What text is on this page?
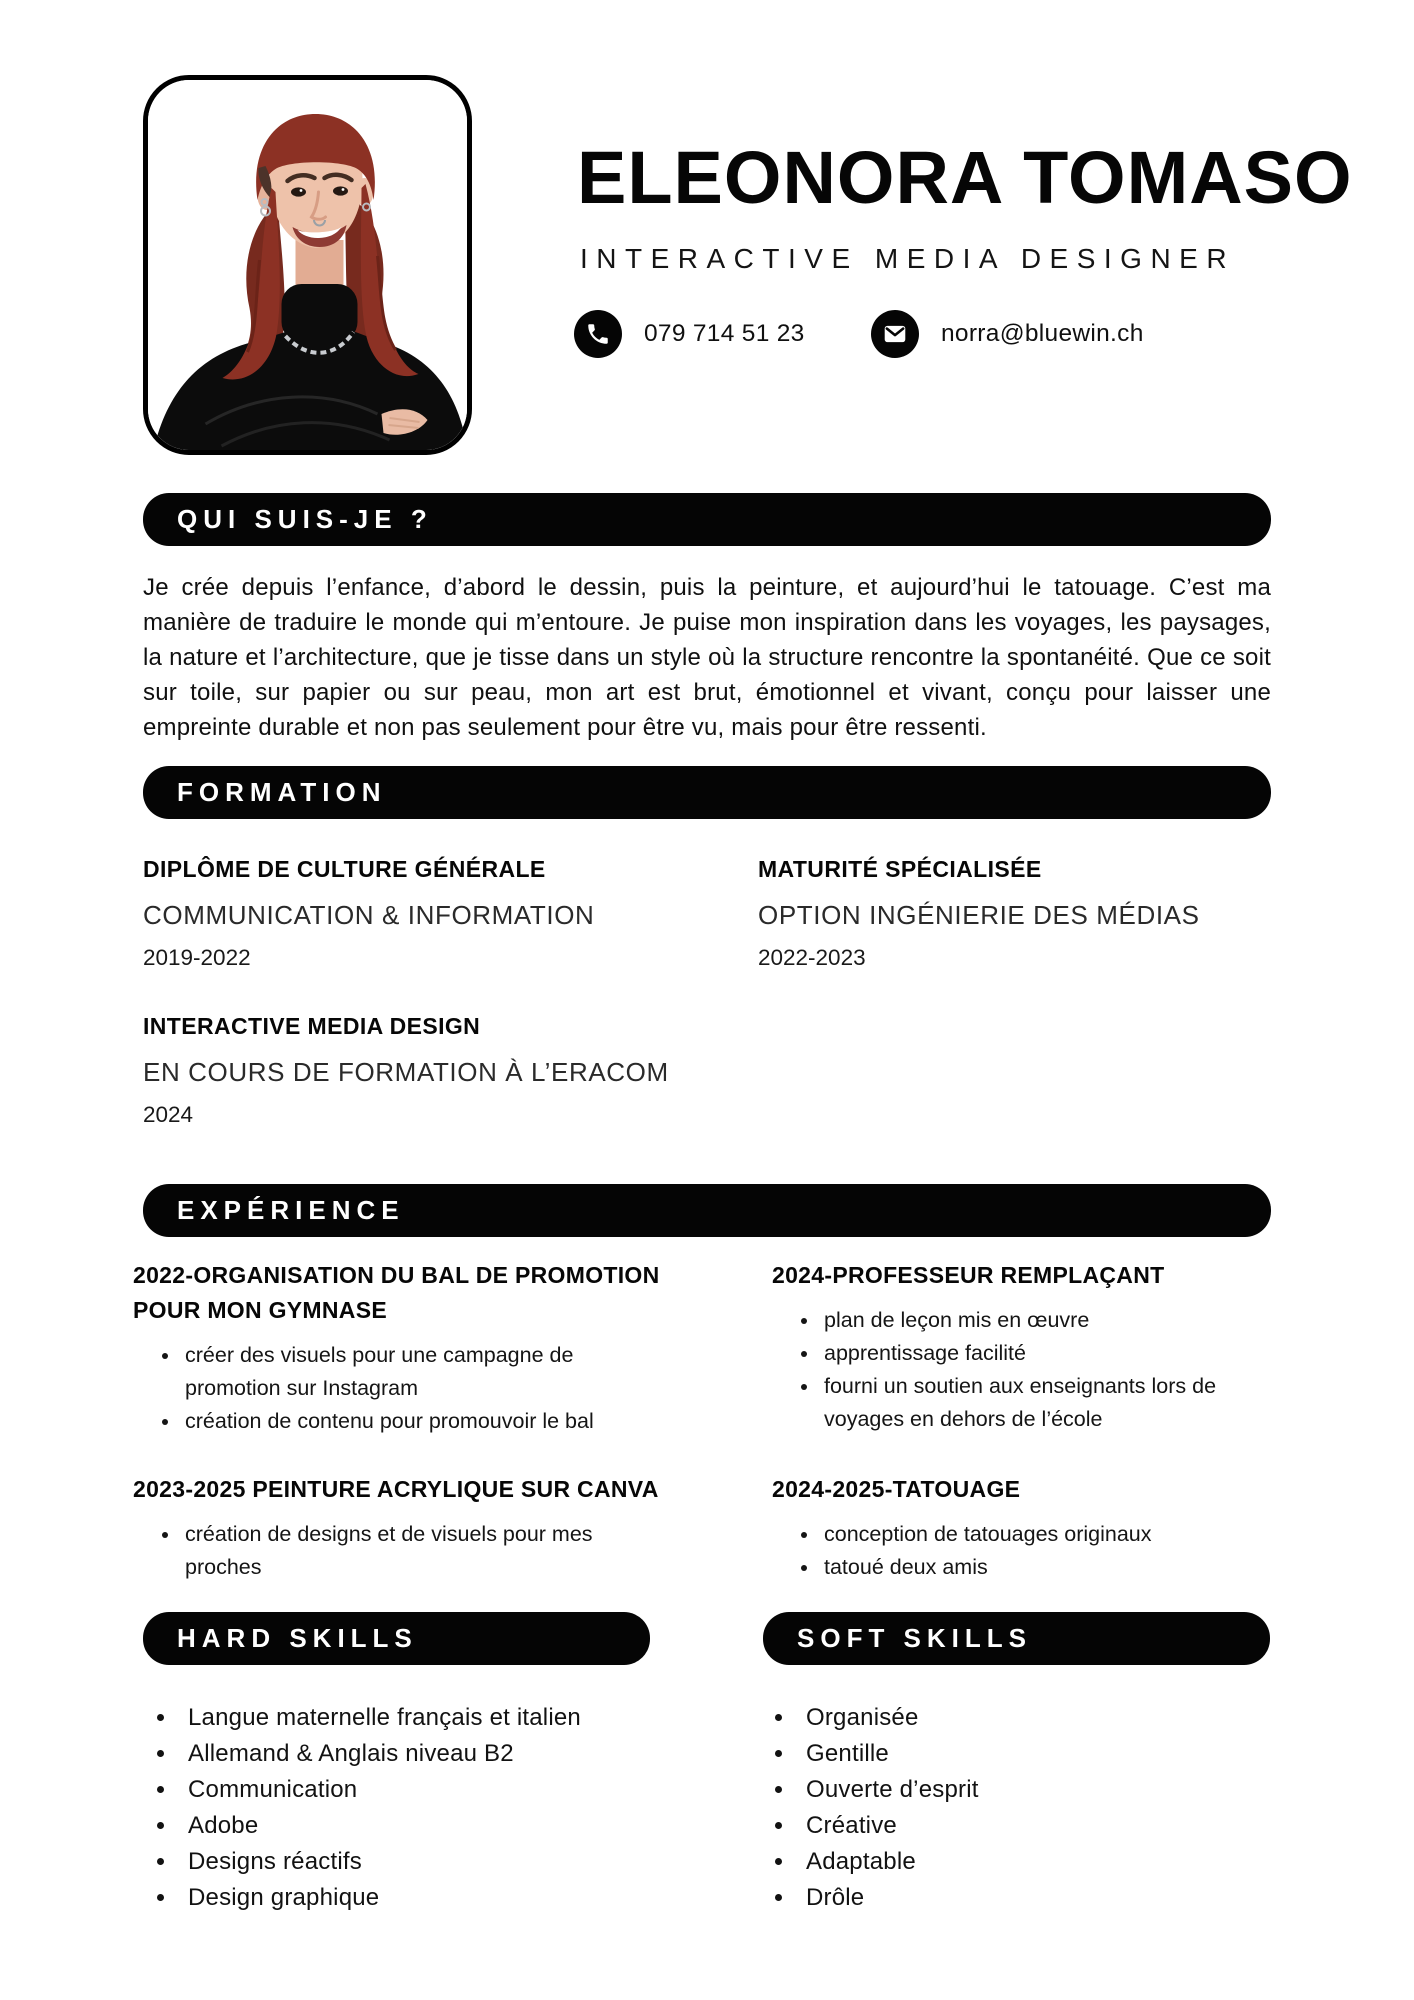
ELEONORA TOMASO
INTERACTIVE MEDIA DESIGNER
079 714 51 23	norra@bluewin.ch
QUI SUIS-JE ?

Je crée depuis l’enfance, d’abord le dessin, puis la peinture, et aujourd’hui le tatouage. C’est ma manière de traduire le monde qui m’entoure. Je puise mon inspiration dans les voyages, les paysages, la nature et l’architecture, que je tisse dans un style où la structure rencontre la spontanéité. Que ce soit sur toile, sur papier ou sur peau, mon art est brut, émotionnel et vivant, conçu pour laisser une empreinte durable et non pas seulement pour être vu, mais pour être ressenti.

FORMATION
DIPLÔME DE CULTURE GÉNÉRALE
COMMUNICATION & INFORMATION
2019-2022
MATURITÉ SPÉCIALISÉE
OPTION INGÉNIERIE DES MÉDIAS
2022-2023
INTERACTIVE MEDIA DESIGN
EN COURS DE FORMATION À L’ERACOM
2024
EXPÉRIENCE
2022-ORGANISATION DU BAL DE PROMOTION POUR MON GYMNASE
• créer des visuels pour une campagne de promotion sur Instagram
• création de contenu pour promouvoir le bal
2024-PROFESSEUR REMPLAÇANT
• plan de leçon mis en œuvre
• apprentissage facilité
• fourni un soutien aux enseignants lors de voyages en dehors de l’école
2023-2025 PEINTURE ACRYLIQUE SUR CANVA
• création de designs et de visuels pour mes proches
2024-2025-TATOUAGE
• conception de tatouages originaux
• tatoué deux amis
HARD SKILLS	SOFT SKILLS
• Langue maternelle français et italien
• Allemand & Anglais niveau B2
• Communication
• Adobe
• Designs réactifs
• Design graphique
• Organisée
• Gentille
• Ouverte d’esprit
• Créative
• Adaptable
• Drôle
